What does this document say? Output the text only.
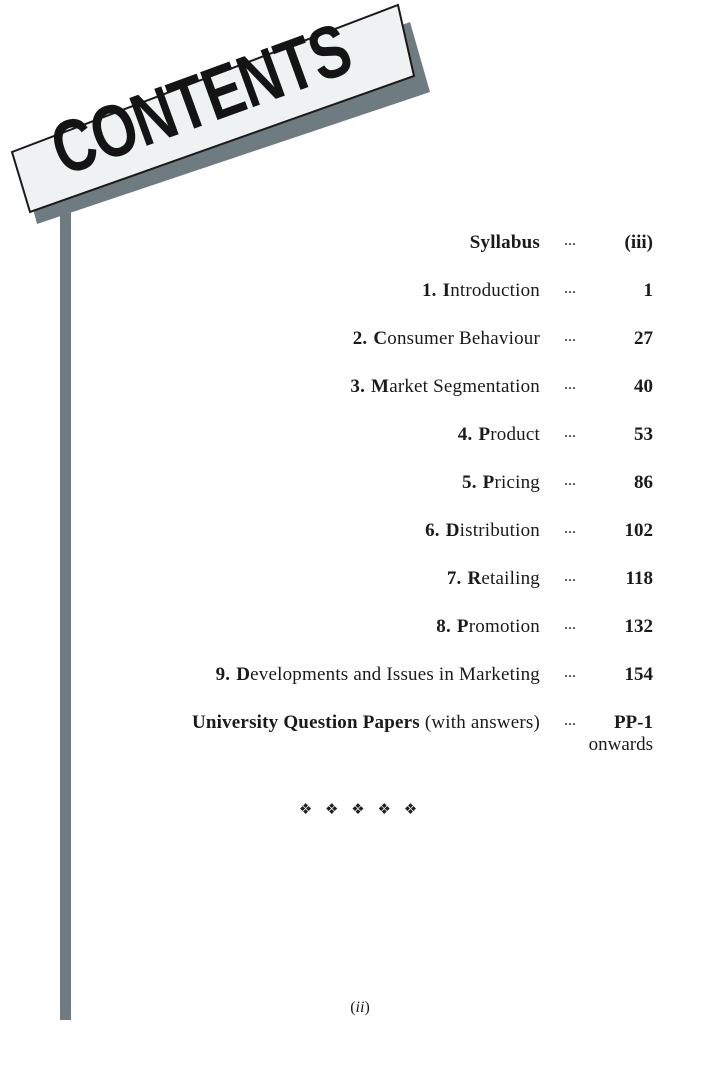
CONTENTS
Syllabus ...	(iii)
1. Introduction ...	1
2. Consumer Behaviour ...	27
3. Market Segmentation ...	40
4. Product ...	53
5. Pricing ...	86
6. Distribution ...	102
7. Retailing ...	118
8. Promotion ...	132
9. Developments and Issues in Marketing ...	154
University Question Papers (with answers) ... PP-1
onwards
❖ ❖ ❖ ❖ ❖
(ii)
